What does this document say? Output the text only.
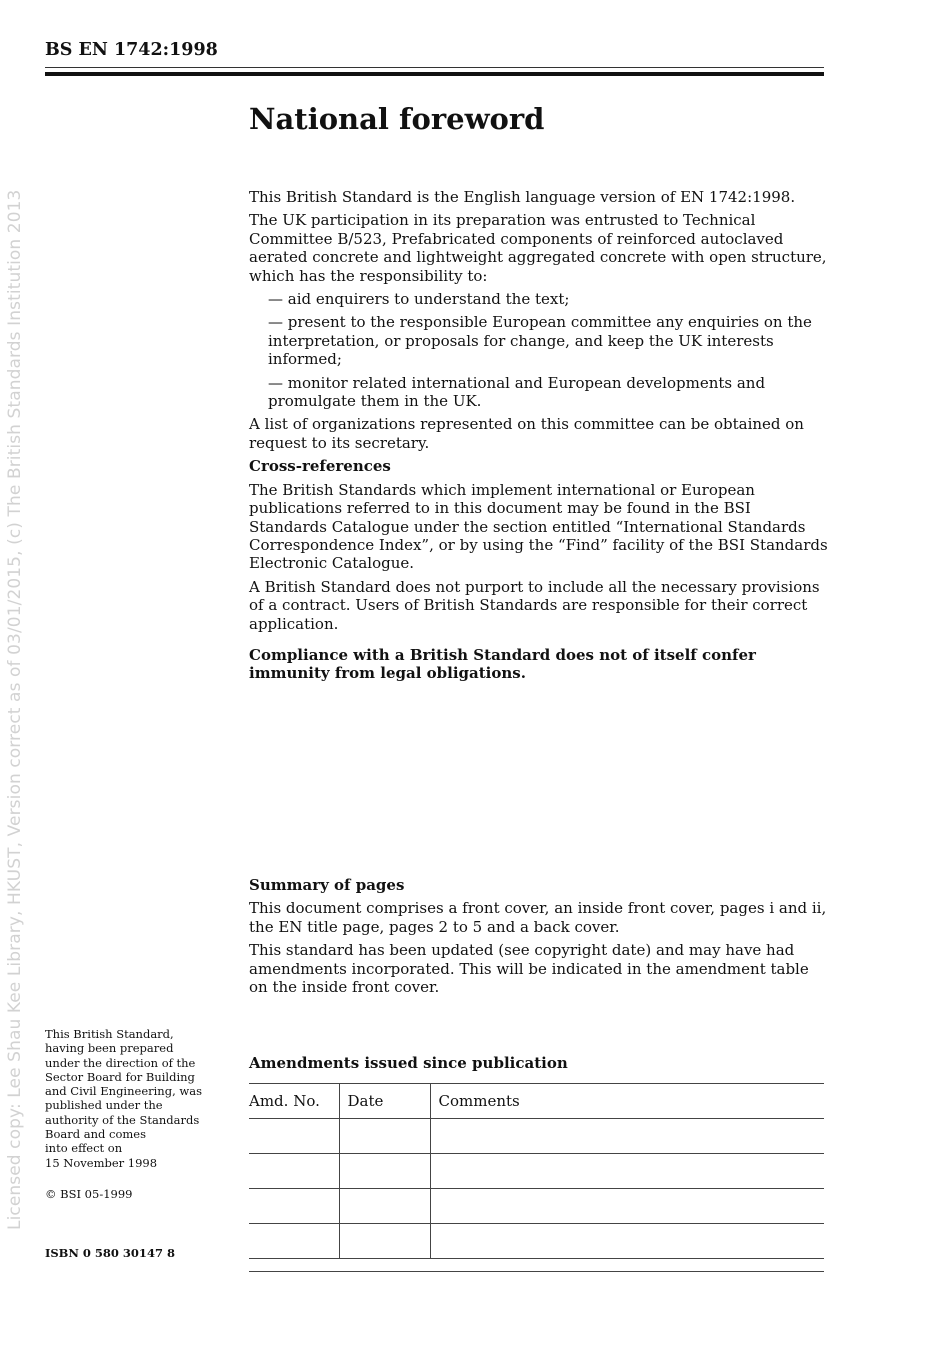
BS EN 1742:1998
Licensed copy: Lee Shau Kee Library, HKUST, Version correct as of 03/01/2015, (c) The British Standards Institution 2013
National foreword

This British Standard is the English language version of EN 1742:1998.

The UK participation in its preparation was entrusted to Technical Committee B/523, Prefabricated components of reinforced autoclaved aerated concrete and lightweight aggregated concrete with open structure, which has the responsibility to:

— aid enquirers to understand the text;

— present to the responsible European committee any enquiries on the interpretation, or proposals for change, and keep the UK interests informed;

— monitor related international and European developments and promulgate them in the UK.

A list of organizations represented on this committee can be obtained on request to its secretary.

Cross-references

The British Standards which implement international or European publications referred to in this document may be found in the BSI Standards Catalogue under the section entitled “International Standards Correspondence Index”, or by using the “Find” facility of the BSI Standards Electronic Catalogue.

A British Standard does not purport to include all the necessary provisions of a contract. Users of British Standards are responsible for their correct application.

Compliance with a British Standard does not of itself confer immunity from legal obligations.

Summary of pages

This document comprises a front cover, an inside front cover, pages i and ii, the EN title page, pages 2 to 5 and a back cover.

This standard has been updated (see copyright date) and may have had amendments incorporated. This will be indicated in the amendment table on the inside front cover.

This British Standard,

having been prepared

under the direction of the

Sector Board for Building

and Civil Engineering, was

published under the

authority of the Standards

Board and comes

into effect on

15 November 1998

© BSI 05-1999
ISBN 0 580 30147 8
Amendments issued since publication
Amd. No.	Date	Comments
